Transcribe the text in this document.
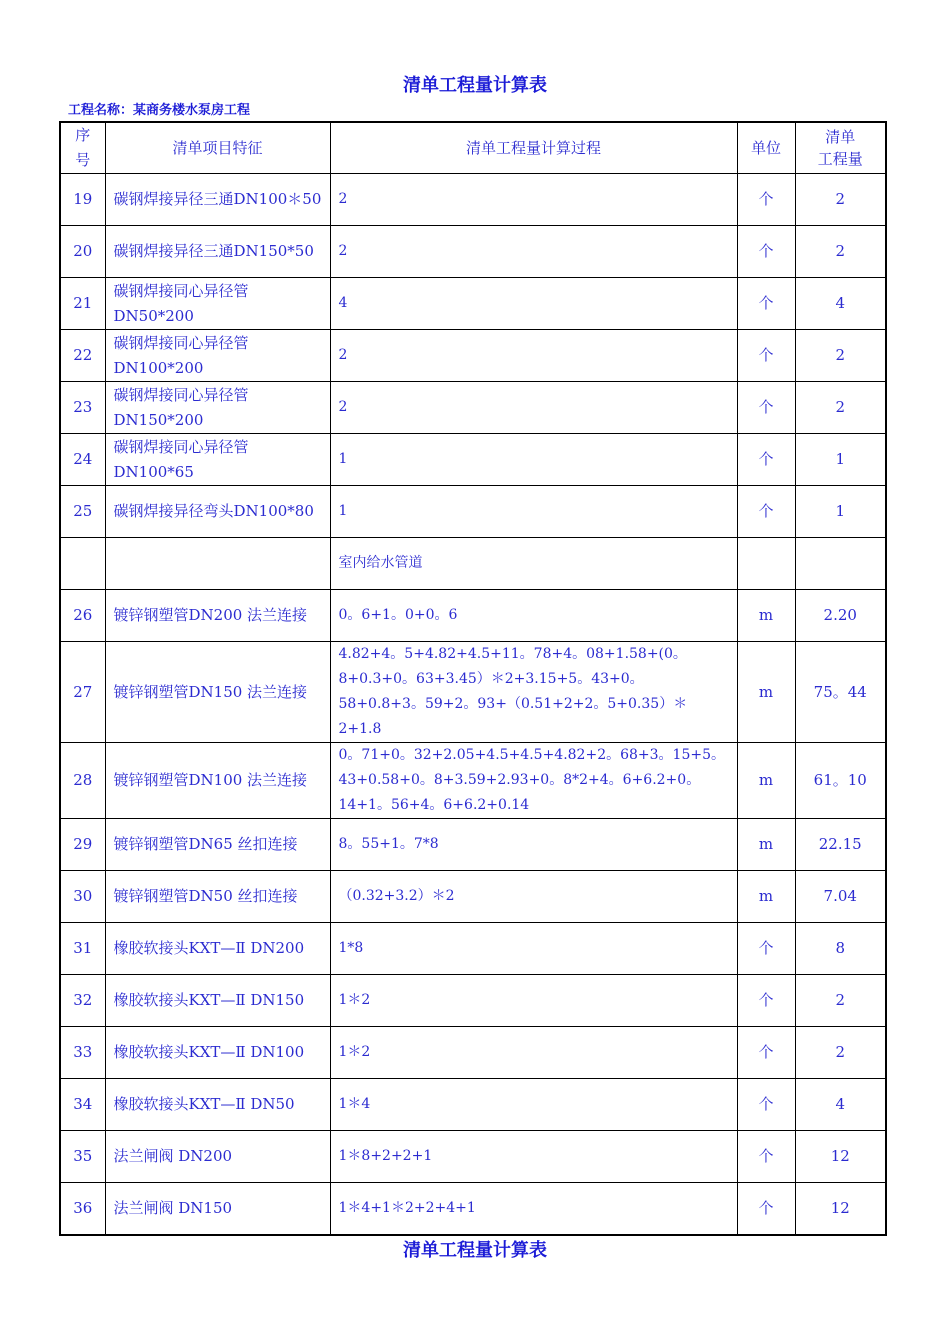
清单工程量计算表
工程名称：某商务楼水泵房工程
序号	清单项目特征	清单工程量计算过程	单位	清单
工程量
19	碳钢焊接异径三通DN100＊50	2	个	2
20	碳钢焊接异径三通DN150*50	2	个	2
21	碳钢焊接同心异径管DN50*200	4	个	4
22	碳钢焊接同心异径管DN100*200	2	个	2
23	碳钢焊接同心异径管DN150*200	2	个	2
24	碳钢焊接同心异径管DN100*65	1	个	1
25	碳钢焊接异径弯头DN100*80	1	个	1
		室内给水管道		
26	镀锌钢塑管DN200 法兰连接	0。6+1。0+0。6	m	2.20
27	镀锌钢塑管DN150 法兰连接	4.82+4。5+4.82+4.5+11。78+4。08+1.58+(0。8+0.3+0。63+3.45）＊2+3.15+5。43+0。58+0.8+3。59+2。93+（0.51+2+2。5+0.35）＊2+1.8	m	75。44
28	镀锌钢塑管DN100 法兰连接	0。71+0。32+2.05+4.5+4.5+4.82+2。68+3。15+5。43+0.58+0。8+3.59+2.93+0。8*2+4。6+6.2+0。14+1。56+4。6+6.2+0.14	m	61。10
29	镀锌钢塑管DN65 丝扣连接	8。55+1。7*8	m	22.15
30	镀锌钢塑管DN50 丝扣连接	（0.32+3.2）＊2	m	7.04
31	橡胶软接头KXT—Ⅱ DN200	1*8	个	8
32	橡胶软接头KXT—Ⅱ DN150	1＊2	个	2
33	橡胶软接头KXT—Ⅱ DN100	1＊2	个	2
34	橡胶软接头KXT—Ⅱ DN50	1＊4	个	4
35	法兰闸阀 DN200	1＊8+2+2+1	个	12
36	法兰闸阀 DN150	1＊4+1＊2+2+4+1	个	12
清单工程量计算表
